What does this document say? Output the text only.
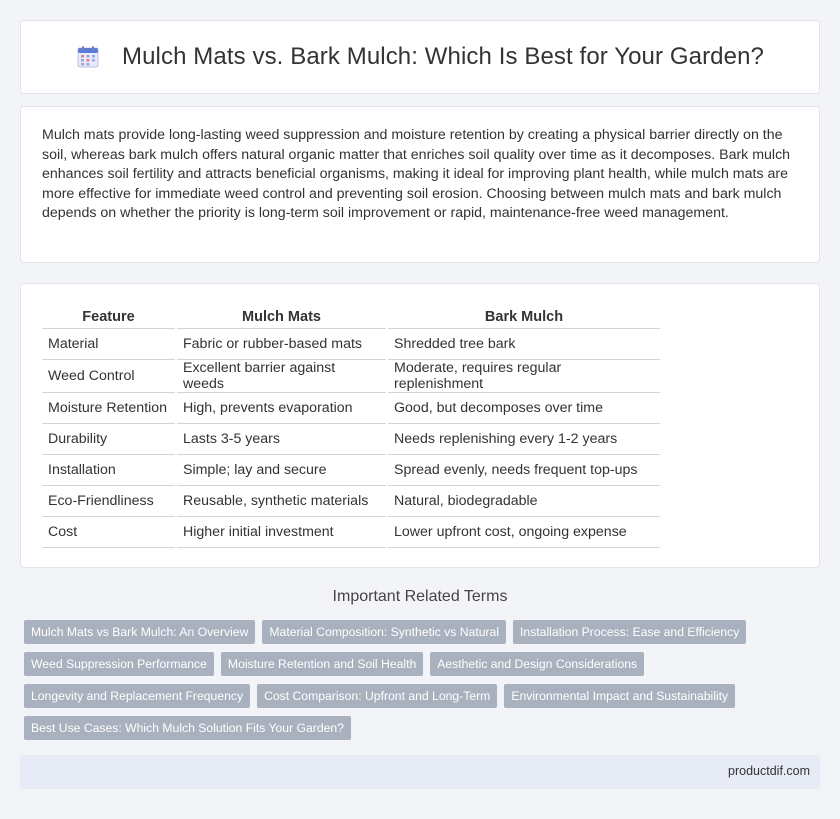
Mulch Mats vs. Bark Mulch: Which Is Best for Your Garden?

Mulch mats provide long-lasting weed suppression and moisture retention by creating a physical barrier directly on the soil, whereas bark mulch offers natural organic matter that enriches soil quality over time as it decomposes. Bark mulch enhances soil fertility and attracts beneficial organisms, making it ideal for improving plant health, while mulch mats are more effective for immediate weed control and preventing soil erosion. Choosing between mulch mats and bark mulch depends on whether the priority is long-term soil improvement or rapid, maintenance-free weed management.

Feature	Mulch Mats	Bark Mulch
Material	Fabric or rubber-based mats	Shredded tree bark
Weed Control	Excellent barrier against weeds	Moderate, requires regular replenishment
Moisture Retention	High, prevents evaporation	Good, but decomposes over time
Durability	Lasts 3-5 years	Needs replenishing every 1-2 years
Installation	Simple; lay and secure	Spread evenly, needs frequent top-ups
Eco-Friendliness	Reusable, synthetic materials	Natural, biodegradable
Cost	Higher initial investment	Lower upfront cost, ongoing expense
Important Related Terms
Mulch Mats vs Bark Mulch: An Overview	Material Composition: Synthetic vs Natural	Installation Process: Ease and Efficiency
Weed Suppression Performance	Moisture Retention and Soil Health	Aesthetic and Design Considerations
Longevity and Replacement Frequency	Cost Comparison: Upfront and Long-Term	Environmental Impact and Sustainability
Best Use Cases: Which Mulch Solution Fits Your Garden?
productdif.com
